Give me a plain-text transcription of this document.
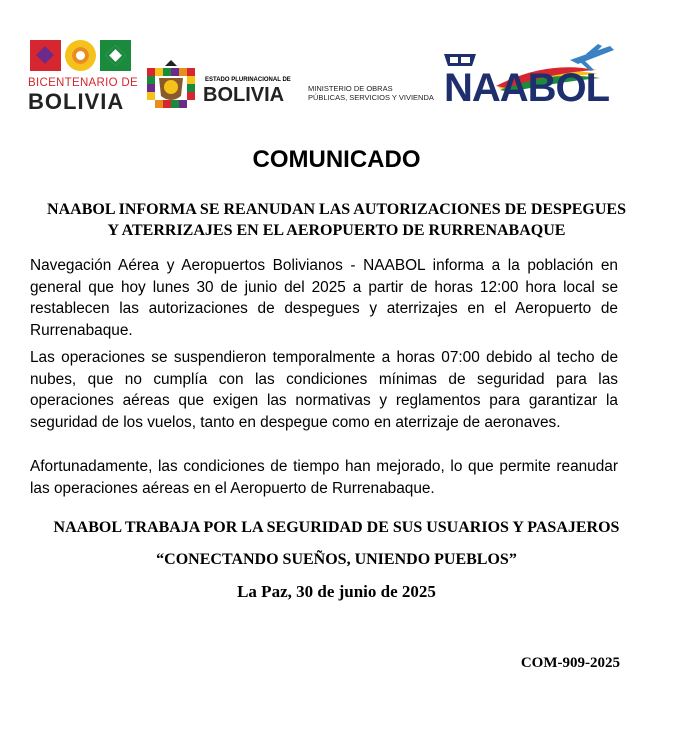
BICENTENARIO DE
BOLIVIA
ESTADO PLURINACIONAL DE
BOLIVIA	MINISTERIO DE OBRAS
PÚBLICAS, SERVICIOS Y VIVIENDA NAABOL
COMUNICADO
NAABOL INFORMA SE REANUDAN LAS AUTORIZACIONES DE DESPEGUES
Y ATERRIZAJES EN EL AEROPUERTO DE RURRENABAQUE

Navegación Aérea y Aeropuertos Bolivianos - NAABOL informa a la población en general que hoy lunes 30 de junio del 2025 a partir de horas 12:00 hora local se restablecen las autorizaciones de despegues y aterrizajes en el Aeropuerto de Rurrenabaque.

Las operaciones se suspendieron temporalmente a horas 07:00 debido al techo de nubes, que no cumplía con las condiciones mínimas de seguridad para las operaciones aéreas que exigen las normativas y reglamentos para garantizar la seguridad de los vuelos, tanto en despegue como en aterrizaje de aeronaves.

Afortunadamente, las condiciones de tiempo han mejorado, lo que permite reanudar las operaciones aéreas en el Aeropuerto de Rurrenabaque.

NAABOL TRABAJA POR LA SEGURIDAD DE SUS USUARIOS Y PASAJEROS
“CONECTANDO SUEÑOS, UNIENDO PUEBLOS”
La Paz, 30 de junio de 2025
COM-909-2025
